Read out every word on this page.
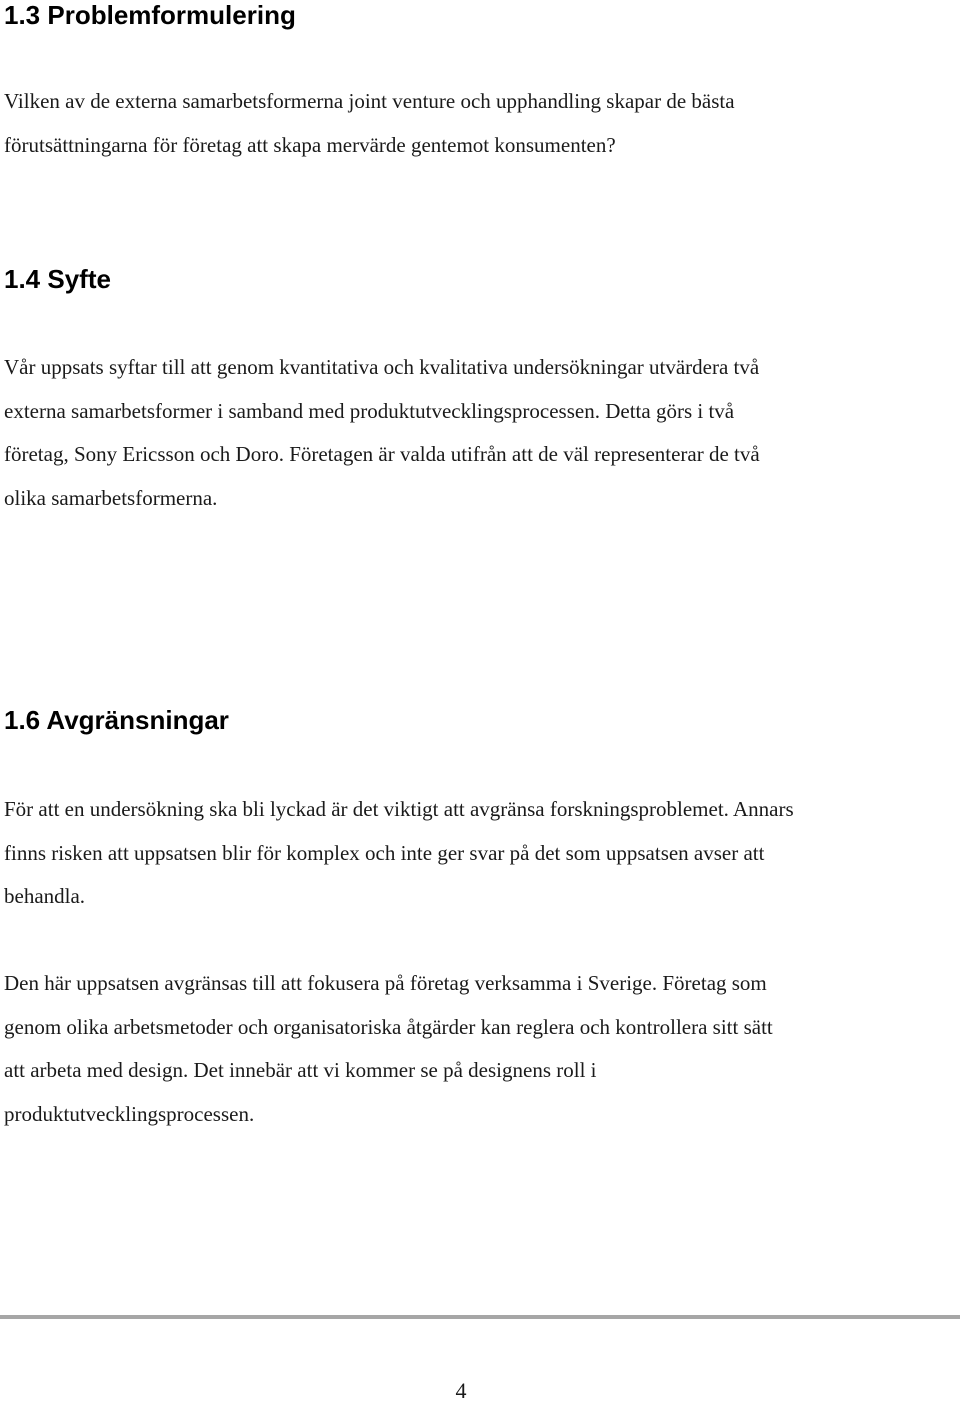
1.3 Problemformulering

Vilken av de externa samarbetsformerna joint venture och upphandling skapar de bästa
förutsättningarna för företag att skapa mervärde gentemot konsumenten?

1.4 Syfte

Vår uppsats syftar till att genom kvantitativa och kvalitativa undersökningar utvärdera två
externa samarbetsformer i samband med produktutvecklingsprocessen. Detta görs i två
företag, Sony Ericsson och Doro. Företagen är valda utifrån att de väl representerar de två
olika samarbetsformerna.

1.6 Avgränsningar

För att en undersökning ska bli lyckad är det viktigt att avgränsa forskningsproblemet. Annars
finns risken att uppsatsen blir för komplex och inte ger svar på det som uppsatsen avser att
behandla.

Den här uppsatsen avgränsas till att fokusera på företag verksamma i Sverige. Företag som
genom olika arbetsmetoder och organisatoriska åtgärder kan reglera och kontrollera sitt sätt
att arbeta med design. Det innebär att vi kommer se på designens roll i
produktutvecklingsprocessen.

4
